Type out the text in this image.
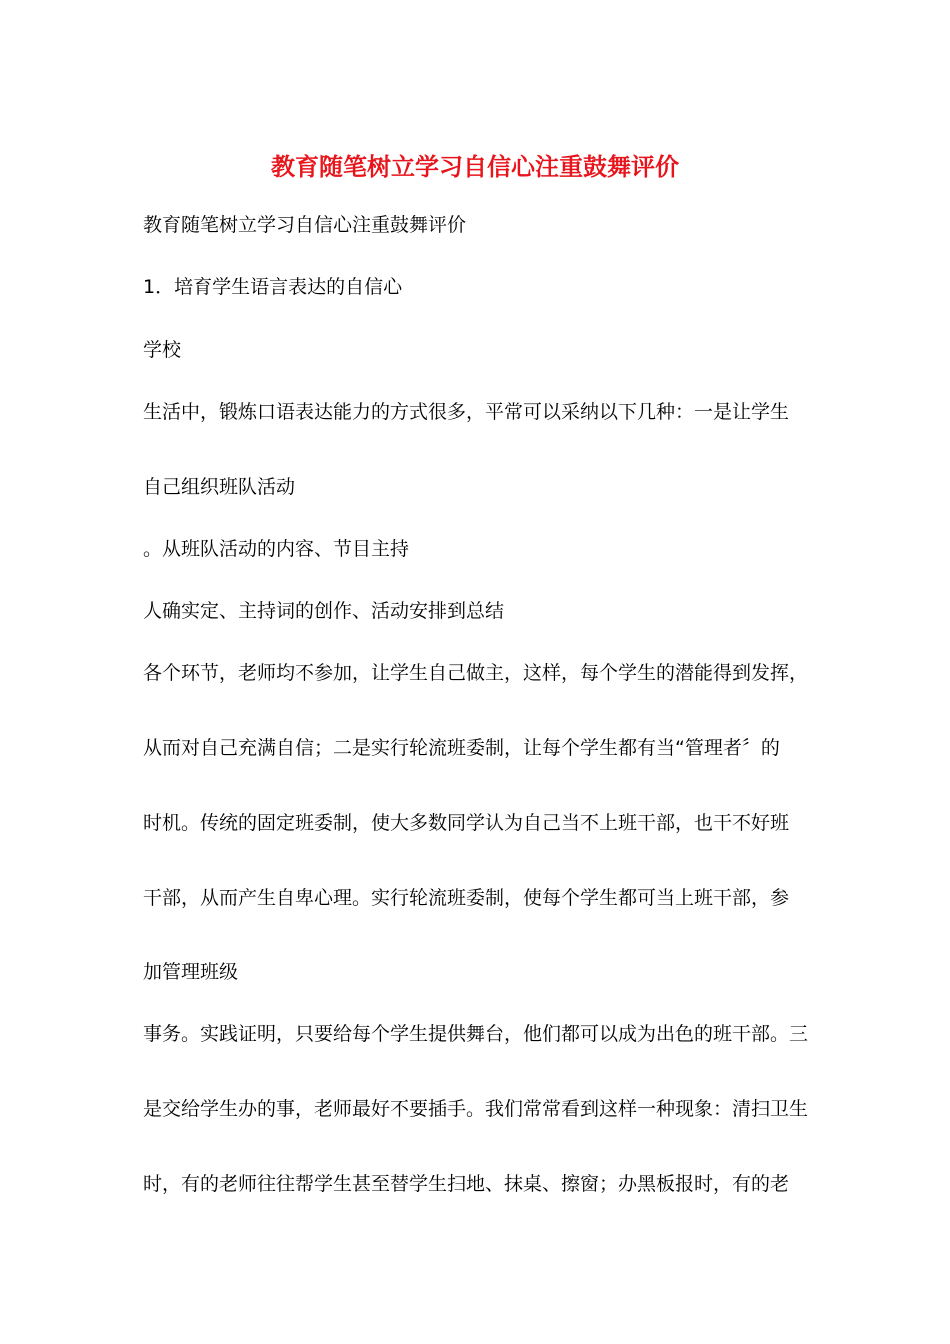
教育随笔树立学习自信心注重鼓舞评价
教育随笔树立学习自信心注重鼓舞评价
1．培育学生语言表达的自信心
学校
生活中，锻炼口语表达能力的方式很多，平常可以采纳以下几种：一是让学生
自己组织班队活动
。从班队活动的内容、节目主持
人确实定、主持词的创作、活动安排到总结
各个环节，老师均不参加，让学生自己做主，这样，每个学生的潜能得到发挥，
从而对自己充满自信；二是实行轮流班委制，让每个学生都有当“管理者〞的
时机。传统的固定班委制，使大多数同学认为自己当不上班干部，也干不好班
干部，从而产生自卑心理。实行轮流班委制，使每个学生都可当上班干部，参
加管理班级
事务。实践证明，只要给每个学生提供舞台，他们都可以成为出色的班干部。三
是交给学生办的事，老师最好不要插手。我们常常看到这样一种现象：清扫卫生
时，有的老师往往帮学生甚至替学生扫地、抹桌、擦窗；办黑板报时，有的老
